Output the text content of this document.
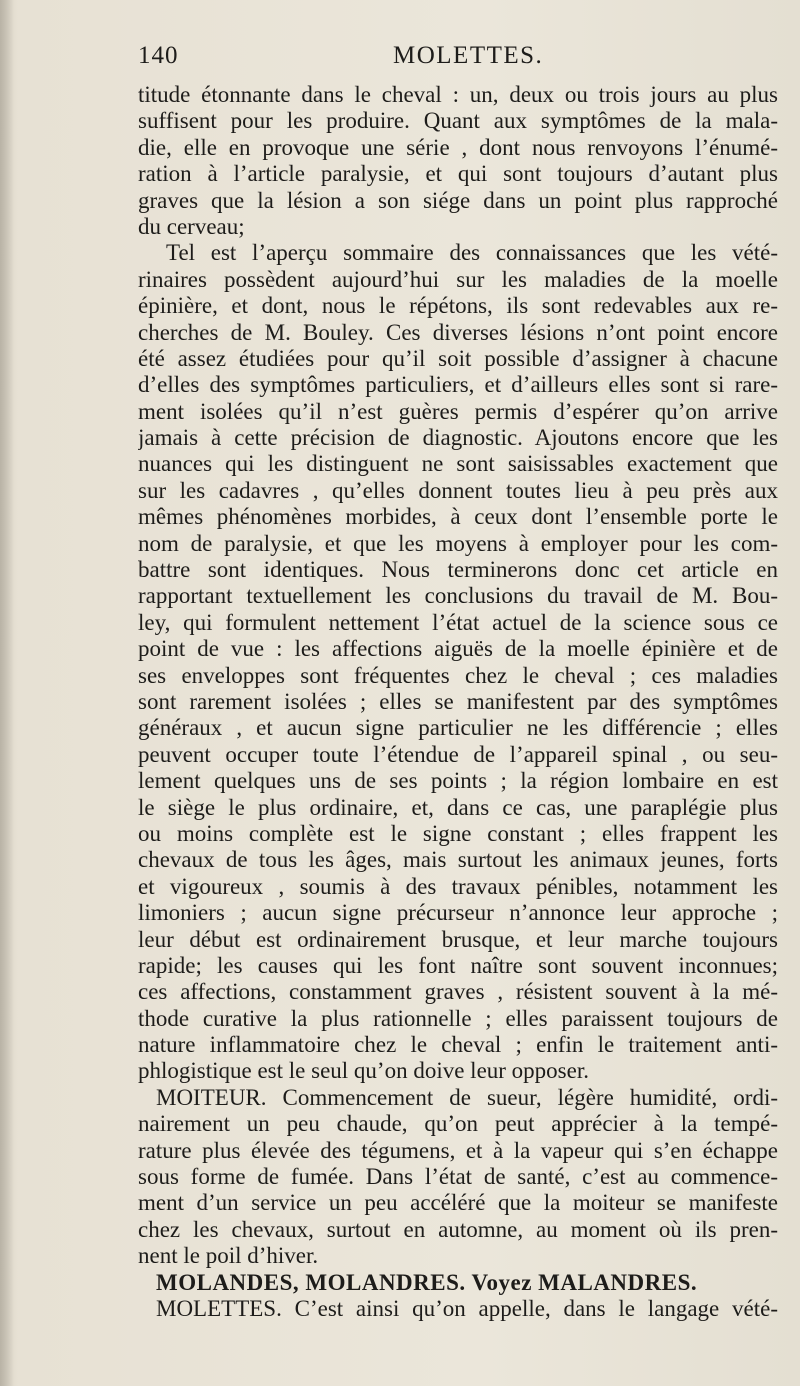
140	MOLETTES.
titude étonnante dans le cheval : un, deux ou trois jours au plus
suffisent pour les produire. Quant aux symptômes de la mala-
die, elle en provoque une série , dont nous renvoyons l’énumé-
ration à l’article paralysie, et qui sont toujours d’autant plus
graves que la lésion a son siége dans un point plus rapproché
du cerveau;
Tel est l’aperçu sommaire des connaissances que les vété-
rinaires possèdent aujourd’hui sur les maladies de la moelle
épinière, et dont, nous le répétons, ils sont redevables aux re-
cherches de M. Bouley. Ces diverses lésions n’ont point encore
été assez étudiées pour qu’il soit possible d’assigner à chacune
d’elles des symptômes particuliers, et d’ailleurs elles sont si rare-
ment isolées qu’il n’est guères permis d’espérer qu’on arrive
jamais à cette précision de diagnostic. Ajoutons encore que les
nuances qui les distinguent ne sont saisissables exactement que
sur les cadavres , qu’elles donnent toutes lieu à peu près aux
mêmes phénomènes morbides, à ceux dont l’ensemble porte le
nom de paralysie, et que les moyens à employer pour les com-
battre sont identiques. Nous terminerons donc cet article en
rapportant textuellement les conclusions du travail de M. Bou-
ley, qui formulent nettement l’état actuel de la science sous ce
point de vue : les affections aiguës de la moelle épinière et de
ses enveloppes sont fréquentes chez le cheval ; ces maladies
sont rarement isolées ; elles se manifestent par des symptômes
généraux , et aucun signe particulier ne les différencie ; elles
peuvent occuper toute l’étendue de l’appareil spinal , ou seu-
lement quelques uns de ses points ; la région lombaire en est
le siège le plus ordinaire, et, dans ce cas, une paraplégie plus
ou moins complète est le signe constant ; elles frappent les
chevaux de tous les âges, mais surtout les animaux jeunes, forts
et vigoureux , soumis à des travaux pénibles, notamment les
limoniers ; aucun signe précurseur n’annonce leur approche ;
leur début est ordinairement brusque, et leur marche toujours
rapide; les causes qui les font naître sont souvent inconnues;
ces affections, constamment graves , résistent souvent à la mé-
thode curative la plus rationnelle ; elles paraissent toujours de
nature inflammatoire chez le cheval ; enfin le traitement anti-
phlogistique est le seul qu’on doive leur opposer.
MOITEUR. Commencement de sueur, légère humidité, ordi-
nairement un peu chaude, qu’on peut apprécier à la tempé-
rature plus élevée des tégumens, et à la vapeur qui s’en échappe
sous forme de fumée. Dans l’état de santé, c’est au commence-
ment d’un service un peu accéléré que la moiteur se manifeste
chez les chevaux, surtout en automne, au moment où ils pren-
nent le poil d’hiver.
MOLANDES, MOLANDRES. Voyez MALANDRES.
MOLETTES. C’est ainsi qu’on appelle, dans le langage vété-
